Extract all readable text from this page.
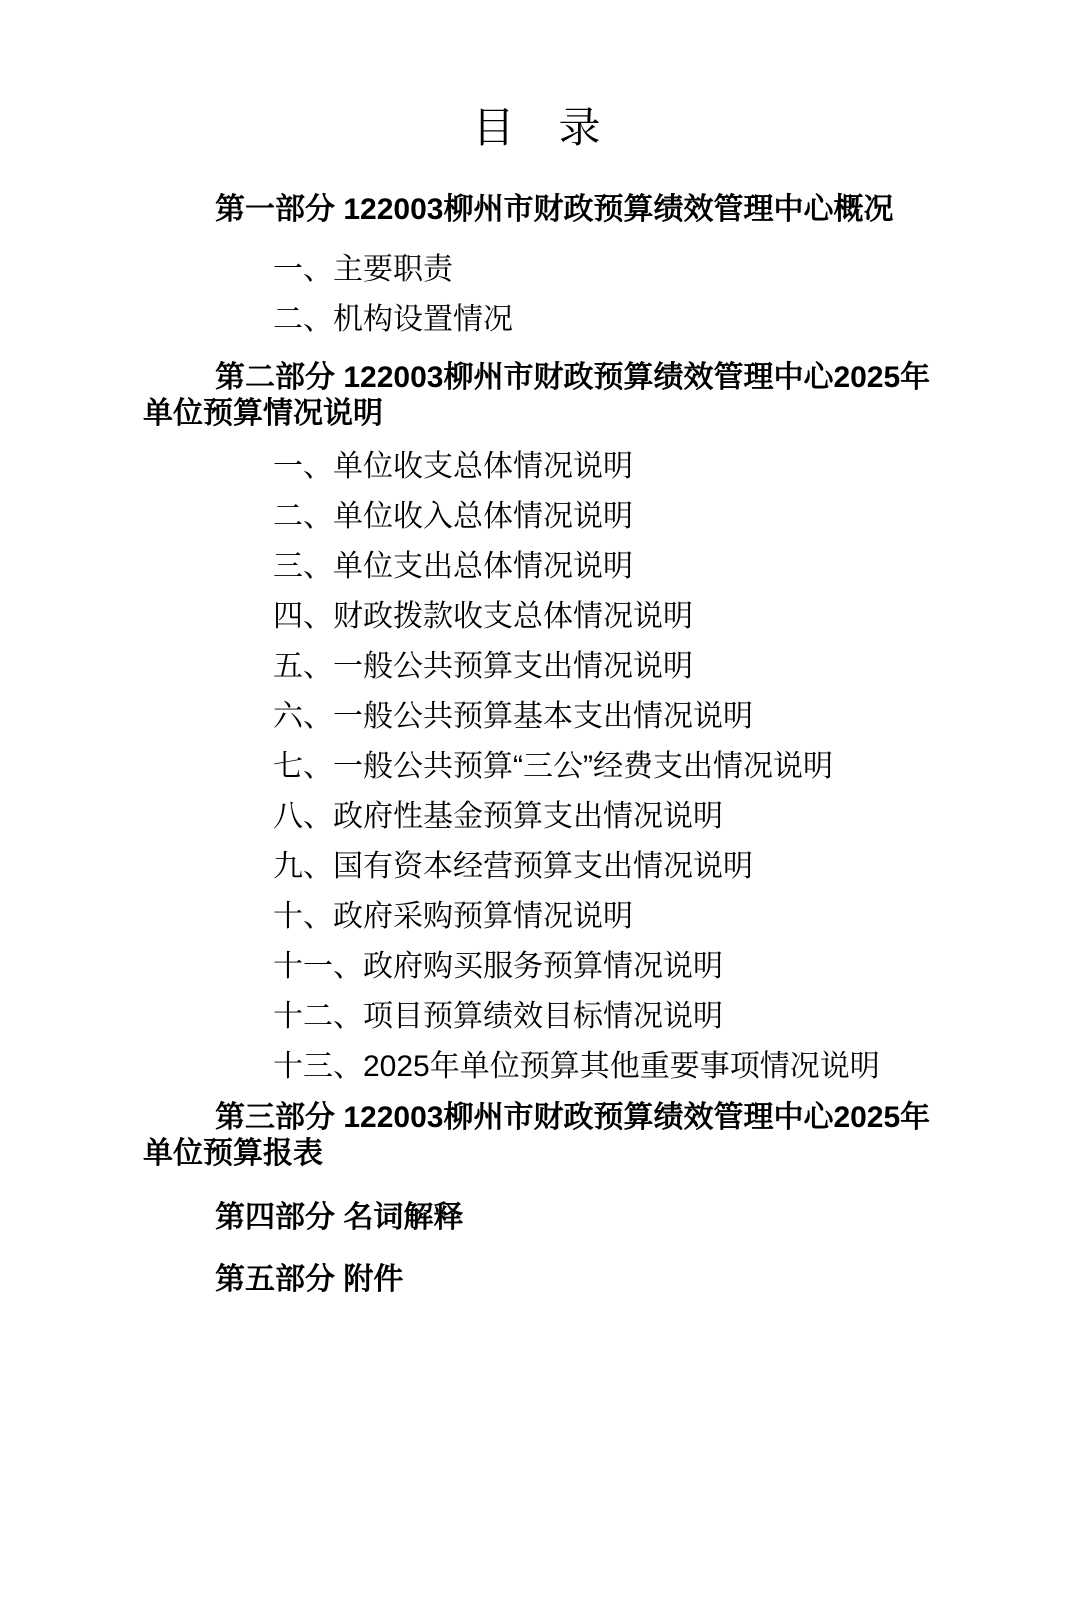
目　录

第一部分 122003柳州市财政预算绩效管理中心概况

一、主要职责

二、机构设置情况

第二部分 122003柳州市财政预算绩效管理中心2025年单位预算情况说明

一、单位收支总体情况说明

二、单位收入总体情况说明

三、单位支出总体情况说明

四、财政拨款收支总体情况说明

五、一般公共预算支出情况说明

六、一般公共预算基本支出情况说明

七、一般公共预算“三公”经费支出情况说明

八、政府性基金预算支出情况说明

九、国有资本经营预算支出情况说明

十、政府采购预算情况说明

十一、政府购买服务预算情况说明

十二、项目预算绩效目标情况说明

十三、2025年单位预算其他重要事项情况说明

第三部分 122003柳州市财政预算绩效管理中心2025年单位预算报表

第四部分 名词解释

第五部分 附件
